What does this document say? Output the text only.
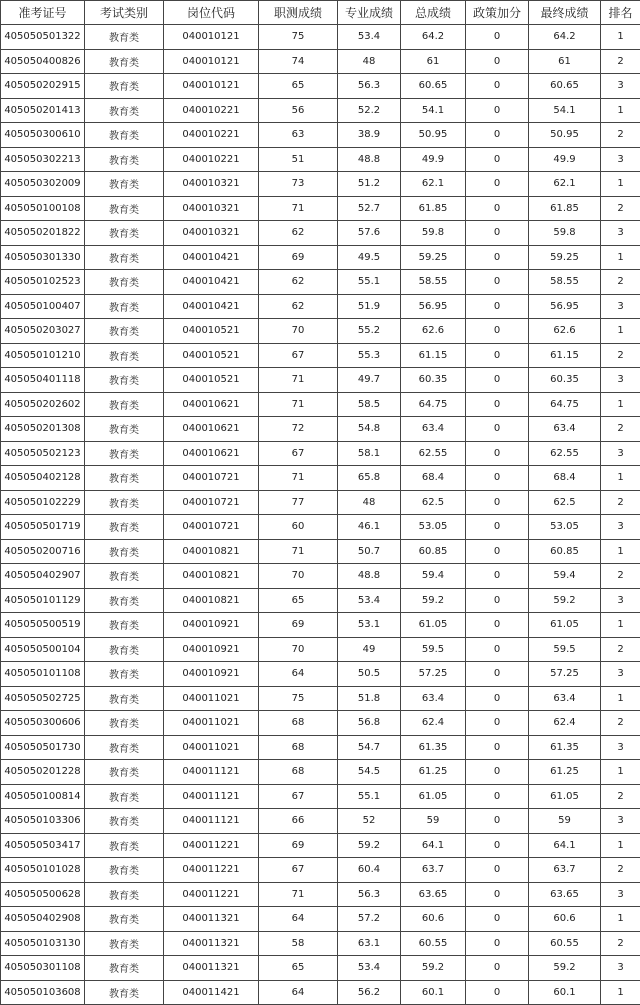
准考证号	考试类别	岗位代码	职测成绩	专业成绩	总成绩	政策加分	最终成绩	排名
405050501322	教育类	040010121	75	53.4	64.2	0	64.2	1
405050400826	教育类	040010121	74	48	61	0	61	2
405050202915	教育类	040010121	65	56.3	60.65	0	60.65	3
405050201413	教育类	040010221	56	52.2	54.1	0	54.1	1
405050300610	教育类	040010221	63	38.9	50.95	0	50.95	2
405050302213	教育类	040010221	51	48.8	49.9	0	49.9	3
405050302009	教育类	040010321	73	51.2	62.1	0	62.1	1
405050100108	教育类	040010321	71	52.7	61.85	0	61.85	2
405050201822	教育类	040010321	62	57.6	59.8	0	59.8	3
405050301330	教育类	040010421	69	49.5	59.25	0	59.25	1
405050102523	教育类	040010421	62	55.1	58.55	0	58.55	2
405050100407	教育类	040010421	62	51.9	56.95	0	56.95	3
405050203027	教育类	040010521	70	55.2	62.6	0	62.6	1
405050101210	教育类	040010521	67	55.3	61.15	0	61.15	2
405050401118	教育类	040010521	71	49.7	60.35	0	60.35	3
405050202602	教育类	040010621	71	58.5	64.75	0	64.75	1
405050201308	教育类	040010621	72	54.8	63.4	0	63.4	2
405050502123	教育类	040010621	67	58.1	62.55	0	62.55	3
405050402128	教育类	040010721	71	65.8	68.4	0	68.4	1
405050102229	教育类	040010721	77	48	62.5	0	62.5	2
405050501719	教育类	040010721	60	46.1	53.05	0	53.05	3
405050200716	教育类	040010821	71	50.7	60.85	0	60.85	1
405050402907	教育类	040010821	70	48.8	59.4	0	59.4	2
405050101129	教育类	040010821	65	53.4	59.2	0	59.2	3
405050500519	教育类	040010921	69	53.1	61.05	0	61.05	1
405050500104	教育类	040010921	70	49	59.5	0	59.5	2
405050101108	教育类	040010921	64	50.5	57.25	0	57.25	3
405050502725	教育类	040011021	75	51.8	63.4	0	63.4	1
405050300606	教育类	040011021	68	56.8	62.4	0	62.4	2
405050501730	教育类	040011021	68	54.7	61.35	0	61.35	3
405050201228	教育类	040011121	68	54.5	61.25	0	61.25	1
405050100814	教育类	040011121	67	55.1	61.05	0	61.05	2
405050103306	教育类	040011121	66	52	59	0	59	3
405050503417	教育类	040011221	69	59.2	64.1	0	64.1	1
405050101028	教育类	040011221	67	60.4	63.7	0	63.7	2
405050500628	教育类	040011221	71	56.3	63.65	0	63.65	3
405050402908	教育类	040011321	64	57.2	60.6	0	60.6	1
405050103130	教育类	040011321	58	63.1	60.55	0	60.55	2
405050301108	教育类	040011321	65	53.4	59.2	0	59.2	3
405050103608	教育类	040011421	64	56.2	60.1	0	60.1	1
